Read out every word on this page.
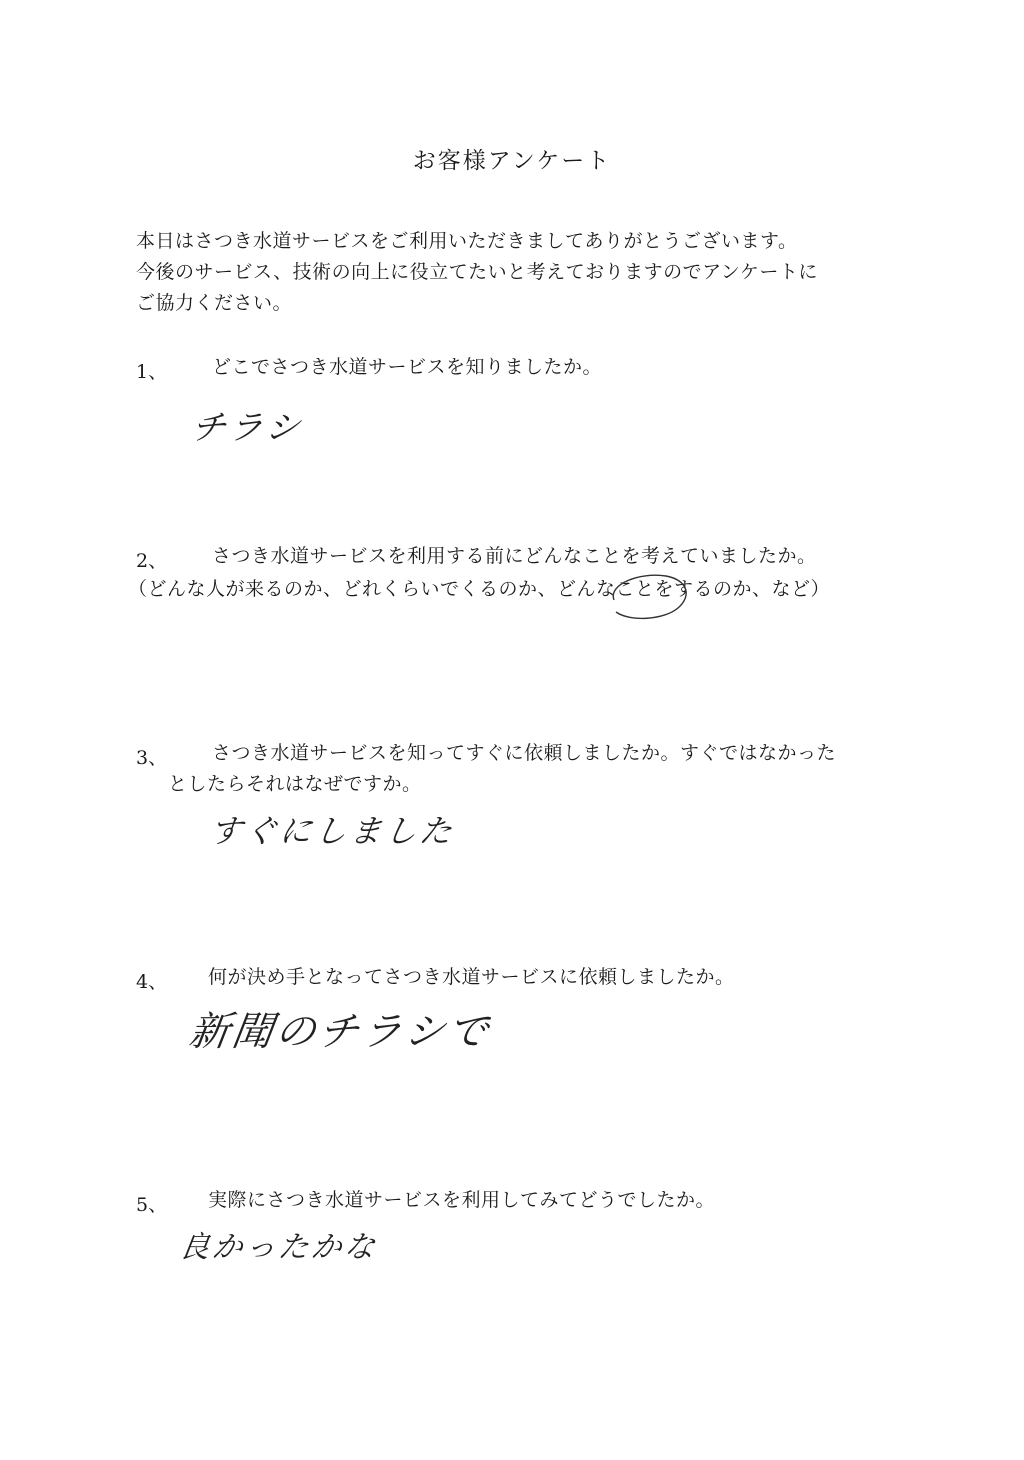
お客様アンケート
本日はさつき水道サービスをご利用いただきましてありがとうございます。
今後のサービス、技術の向上に役立てたいと考えておりますのでアンケートに
ご協力ください。
1、 どこでさつき水道サービスを知りましたか。
チラシ
2、 さつき水道サービスを利用する前にどんなことを考えていましたか。
（どんな人が来るのか、どれくらいでくるのか、どんなことをするのか、など）
3、 さつき水道サービスを知ってすぐに依頼しましたか。すぐではなかった
としたらそれはなぜですか。
すぐにしました
4、 何が決め手となってさつき水道サービスに依頼しましたか。
新聞のチラシで
5、 実際にさつき水道サービスを利用してみてどうでしたか。
良かったかな
